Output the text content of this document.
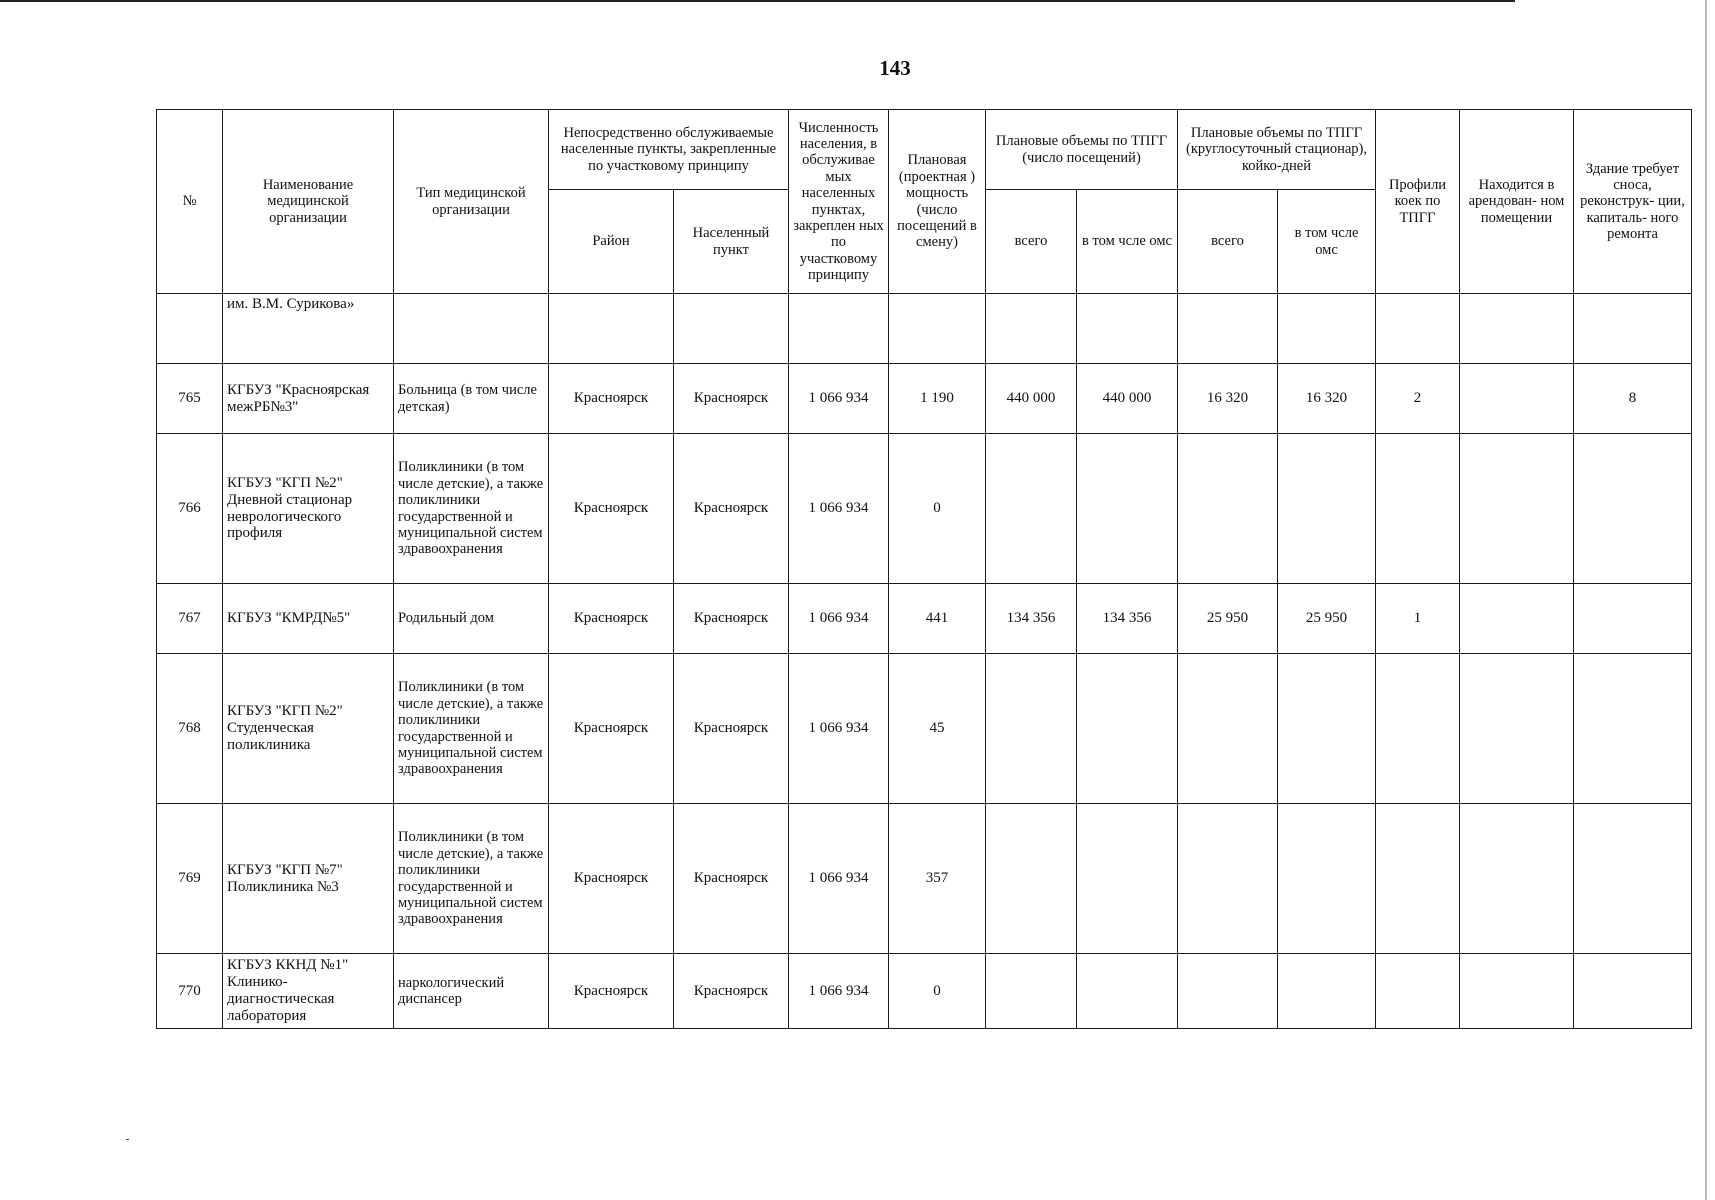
143
№	Наименование медицинской организации	Тип медицинской организации	Непосредственно обслуживаемые населенные пункты, закрепленные по участковому принципу		Численность населения, в обслуживае мых населенных пунктах, закреплен ных по участковому принципу	Плановая (проектная ) мощность (число посещений в смену)	Плановые объемы по ТПГГ (число посещений)		Плановые объемы по ТПГГ (круглосуточный стационар), койко-дней		Профили коек по ТПГГ	Находится в арендован- ном помещении	Здание требует сноса, реконструк- ции, капиталь- ного ремонта
			Район	Населенный пункт			всего	в том чсле омс	всего	в том чсле омс			
	им. В.М. Сурикова»												
765	КГБУЗ "Красноярская межРБ№3"	Больница (в том числе детская)	Красноярск	Красноярск	1 066 934	1 190	440 000	440 000	16 320	16 320	2		8
766	КГБУЗ "КГП №2" Дневной стационар неврологического профиля	Поликлиники (в том числе детские), а также поликлиники государственной и муниципальной систем здравоохранения	Красноярск	Красноярск	1 066 934	0							
767	КГБУЗ "КМРД№5"	Родильный дом	Красноярск	Красноярск	1 066 934	441	134 356	134 356	25 950	25 950	1		
768	КГБУЗ "КГП №2" Студенческая поликлиника	Поликлиники (в том числе детские), а также поликлиники государственной и муниципальной систем здравоохранения	Красноярск	Красноярск	1 066 934	45							
769	КГБУЗ "КГП №7" Поликлиника №3	Поликлиники (в том числе детские), а также поликлиники государственной и муниципальной систем здравоохранения	Красноярск	Красноярск	1 066 934	357							
770	КГБУЗ ККНД №1" Клинико-диагностическая лаборатория	наркологический диспансер	Красноярск	Красноярск	1 066 934	0							
